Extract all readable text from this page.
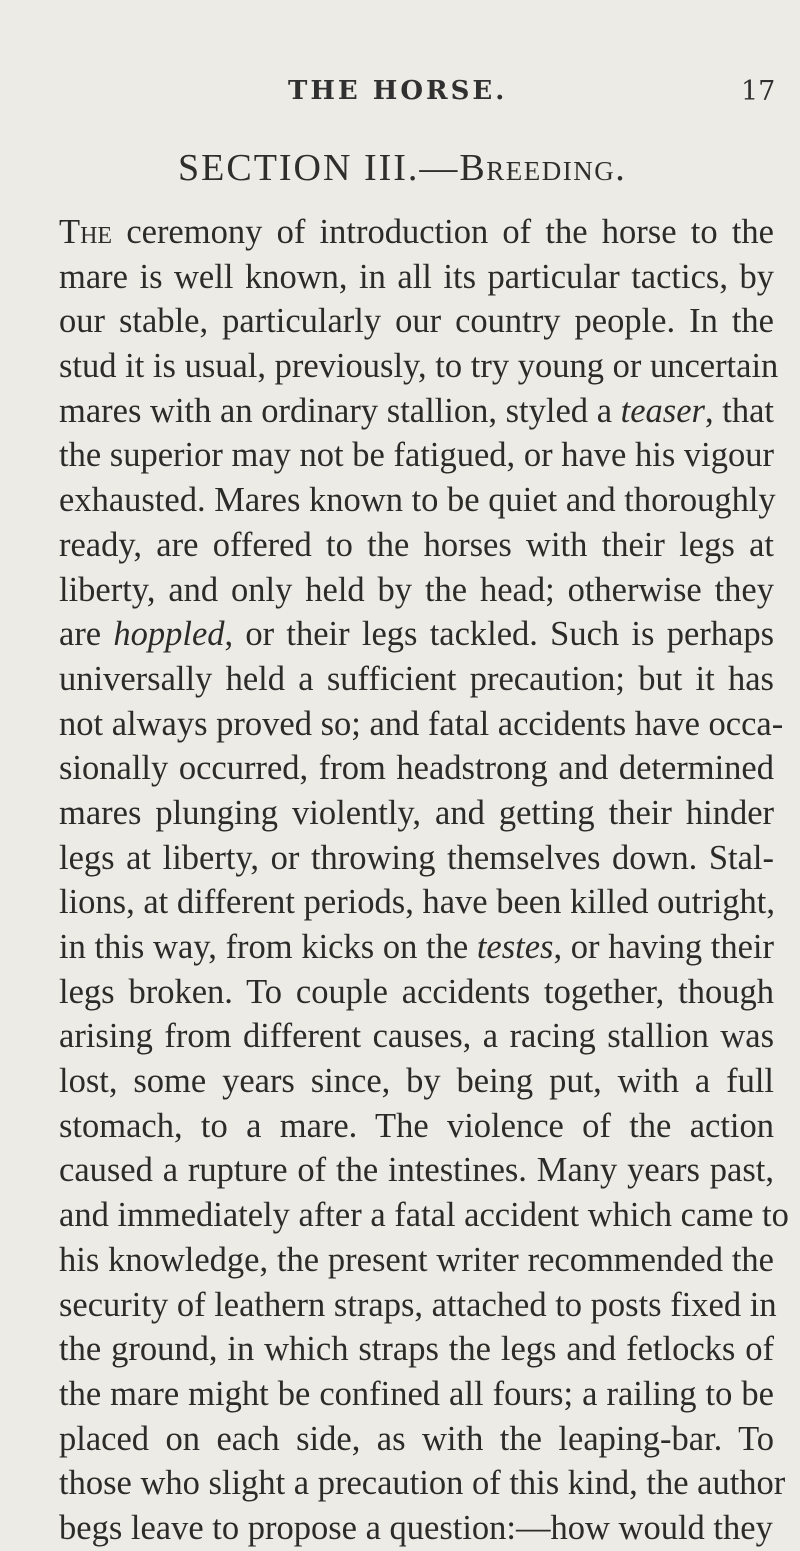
THE HORSE.	17
SECTION III.—Breeding.
The ceremony of introduction of the horse to the
mare is well known, in all its particular tactics, by
our stable, particularly our country people. In the
stud it is usual, previously, to try young or uncertain
mares with an ordinary stallion, styled a teaser, that
the superior may not be fatigued, or have his vigour
exhausted. Mares known to be quiet and thoroughly
ready, are offered to the horses with their legs at
liberty, and only held by the head; otherwise they
are hoppled, or their legs tackled. Such is perhaps
universally held a sufficient precaution; but it has
not always proved so; and fatal accidents have occa-
sionally occurred, from headstrong and determined
mares plunging violently, and getting their hinder
legs at liberty, or throwing themselves down. Stal-
lions, at different periods, have been killed outright,
in this way, from kicks on the testes, or having their
legs broken. To couple accidents together, though
arising from different causes, a racing stallion was
lost, some years since, by being put, with a full
stomach, to a mare. The violence of the action
caused a rupture of the intestines. Many years past,
and immediately after a fatal accident which came to
his knowledge, the present writer recommended the
security of leathern straps, attached to posts fixed in
the ground, in which straps the legs and fetlocks of
the mare might be confined all fours; a railing to be
placed on each side, as with the leaping-bar. To
those who slight a precaution of this kind, the author
begs leave to propose a question:—how would they
